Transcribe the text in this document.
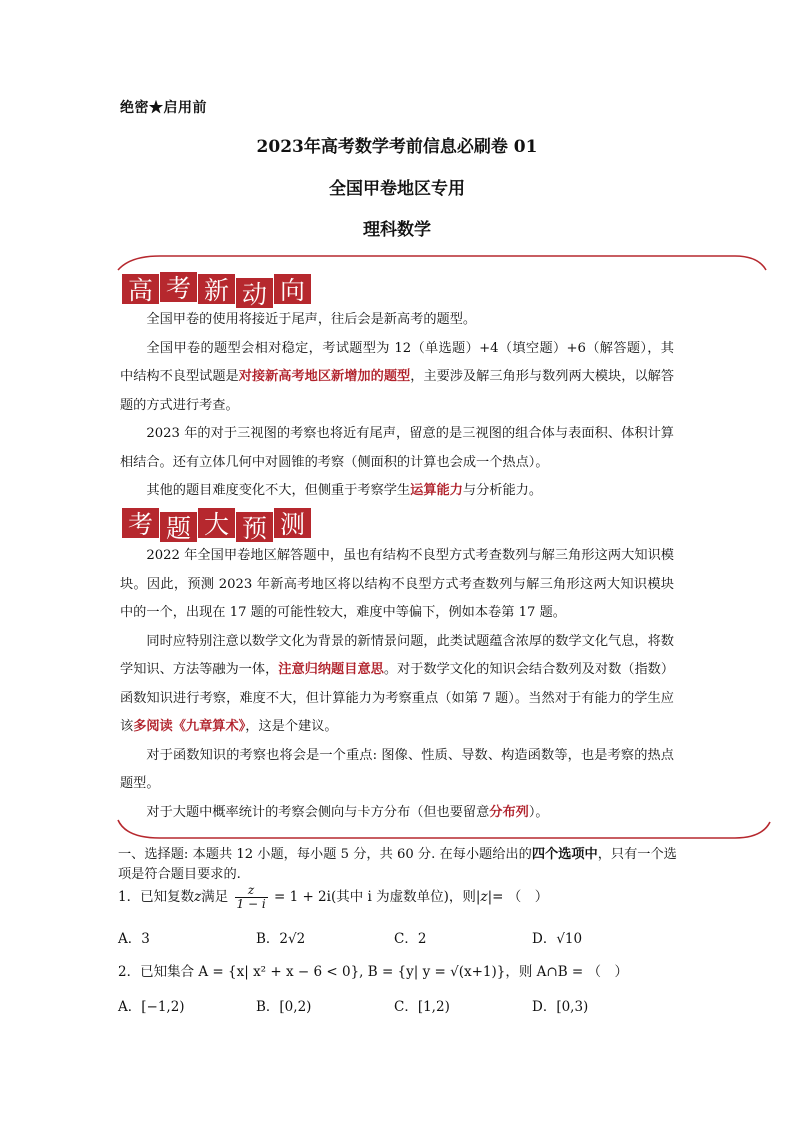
绝密★启用前
2023年高考数学考前信息必刷卷 01
全国甲卷地区专用
理科数学
高 考 新 动 向

全国甲卷的使用将接近于尾声，往后会是新高考的题型。

全国甲卷的题型会相对稳定，考试题型为 12（单选题）+4（填空题）+6（解答题），其中结构不良型试题是对接新高考地区新增加的题型，主要涉及解三角形与数列两大模块，以解答题的方式进行考查。

2023 年的对于三视图的考察也将近有尾声，留意的是三视图的组合体与表面积、体积计算相结合。还有立体几何中对圆锥的考察（侧面积的计算也会成一个热点）。

其他的题目难度变化不大，但侧重于考察学生运算能力与分析能力。

考 题 大 预 测

2022 年全国甲卷地区解答题中，虽也有结构不良型方式考查数列与解三角形这两大知识模块。因此，预测 2023 年新高考地区将以结构不良型方式考查数列与解三角形这两大知识模块中的一个，出现在 17 题的可能性较大，难度中等偏下，例如本卷第 17 题。

同时应特别注意以数学文化为背景的新情景问题，此类试题蕴含浓厚的数学文化气息，将数学知识、方法等融为一体，注意归纳题目意思。对于数学文化的知识会结合数列及对数（指数）函数知识进行考察，难度不大，但计算能力为考察重点（如第 7 题）。当然对于有能力的学生应该多阅读《九章算术》，这是个建议。

对于函数知识的考察也将会是一个重点: 图像、性质、导数、构造函数等，也是考察的热点题型。

对于大题中概率统计的考察会侧向与卡方分布（但也要留意分布列）。

一、选择题: 本题共 12 小题，每小题 5 分，共 60 分. 在每小题给出的四个选项中，只有一个选项是符合题目要求的.
1．已知复数z满足 $\frac{z}{1 - i} = 1 + 2i$(其中 i 为虚数单位)，则|z|= （　）
A．3	B．2√2	C．2	D．√10
2．已知集合 A = {x| x² + x − 6 < 0}, B = {y| y = √(x+1)}，则 A∩B = （　）
A．[−1,2)	B．[0,2)	C．[1,2)	D．[0,3)
